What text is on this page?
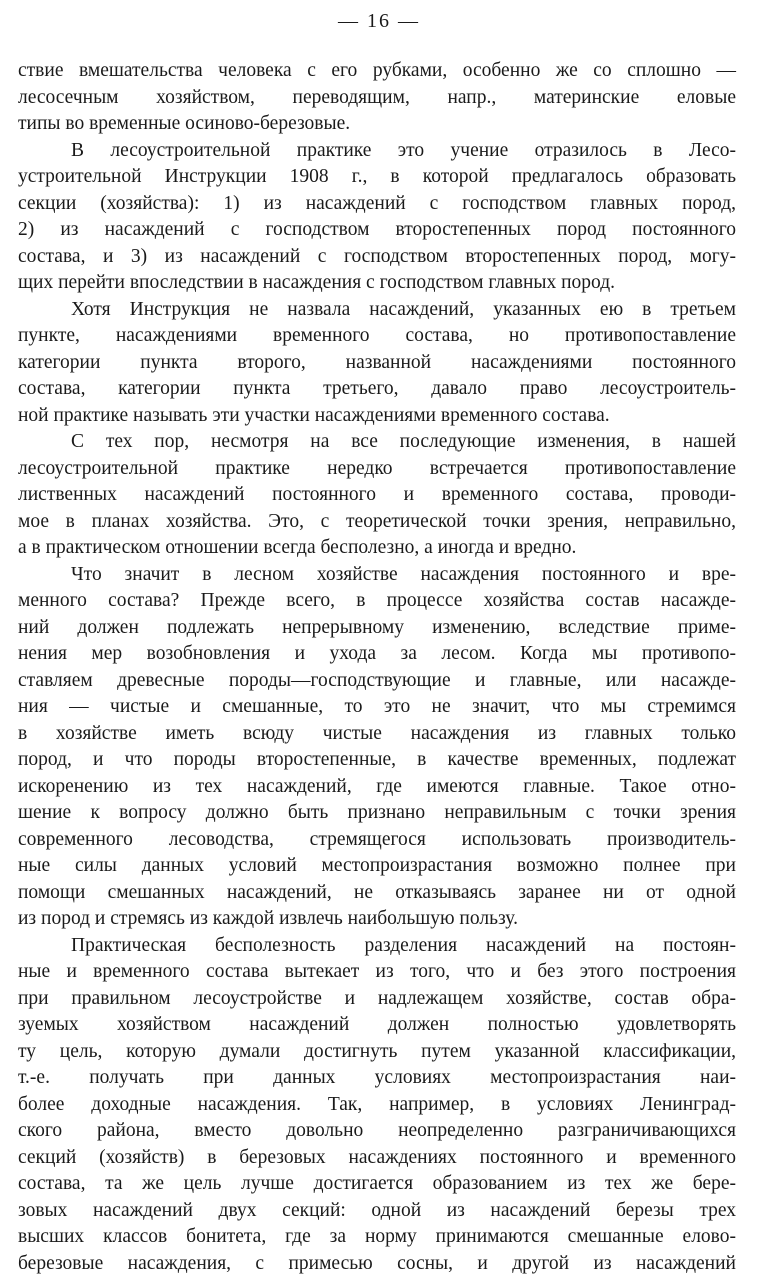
— 16 —
ствие вмешательства человека с его рубками, особенно же со сплошно —
лесосечным хозяйством, переводящим, напр., материнские еловые
типы во временные осиново-березовые.
В лесоустроительной практике это учение отразилось в Лесо-
устроительной Инструкции 1908 г., в которой предлагалось образовать
секции (хозяйства): 1) из насаждений с господством главных пород,
2) из насаждений с господством второстепенных пород постоянного
состава, и 3) из насаждений с господством второстепенных пород, могу-
щих перейти впоследствии в насаждения с господством главных пород.
Хотя Инструкция не назвала насаждений, указанных ею в третьем
пункте, насаждениями временного состава, но противопоставление
категории пункта второго, названной насаждениями постоянного
состава, категории пункта третьего, давало право лесоустроитель-
ной практике называть эти участки насаждениями временного состава.
С тех пор, несмотря на все последующие изменения, в нашей
лесоустроительной практике нередко встречается противопоставление
лиственных насаждений постоянного и временного состава, проводи-
мое в планах хозяйства. Это, с теоретической точки зрения, неправильно,
а в практическом отношении всегда бесполезно, а иногда и вредно.
Что значит в лесном хозяйстве насаждения постоянного и вре-
менного состава? Прежде всего, в процессе хозяйства состав насажде-
ний должен подлежать непрерывному изменению, вследствие приме-
нения мер возобновления и ухода за лесом. Когда мы противопо-
ставляем древесные породы—господствующие и главные, или насажде-
ния — чистые и смешанные, то это не значит, что мы стремимся
в хозяйстве иметь всюду чистые насаждения из главных только
пород, и что породы второстепенные, в качестве временных, подлежат
искоренению из тех насаждений, где имеются главные. Такое отно-
шение к вопросу должно быть признано неправильным с точки зрения
современного лесоводства, стремящегося использовать производитель-
ные силы данных условий местопроизрастания возможно полнее при
помощи смешанных насаждений, не отказываясь заранее ни от одной
из пород и стремясь из каждой извлечь наибольшую пользу.
Практическая бесполезность разделения насаждений на постоян-
ные и временного состава вытекает из того, что и без этого построения
при правильном лесоустройстве и надлежащем хозяйстве, состав обра-
зуемых хозяйством насаждений должен полностью удовлетворять
ту цель, которую думали достигнуть путем указанной классификации,
т.-е. получать при данных условиях местопроизрастания наи-
более доходные насаждения. Так, например, в условиях Ленинград-
ского района, вместо довольно неопределенно разграничивающихся
секций (хозяйств) в березовых насаждениях постоянного и временного
состава, та же цель лучше достигается образованием из тех же бере-
зовых насаждений двух секций: одной из насаждений березы трех
высших классов бонитета, где за норму принимаются смешанные елово-
березовые насаждения, с примесью сосны, и другой из насаждений
